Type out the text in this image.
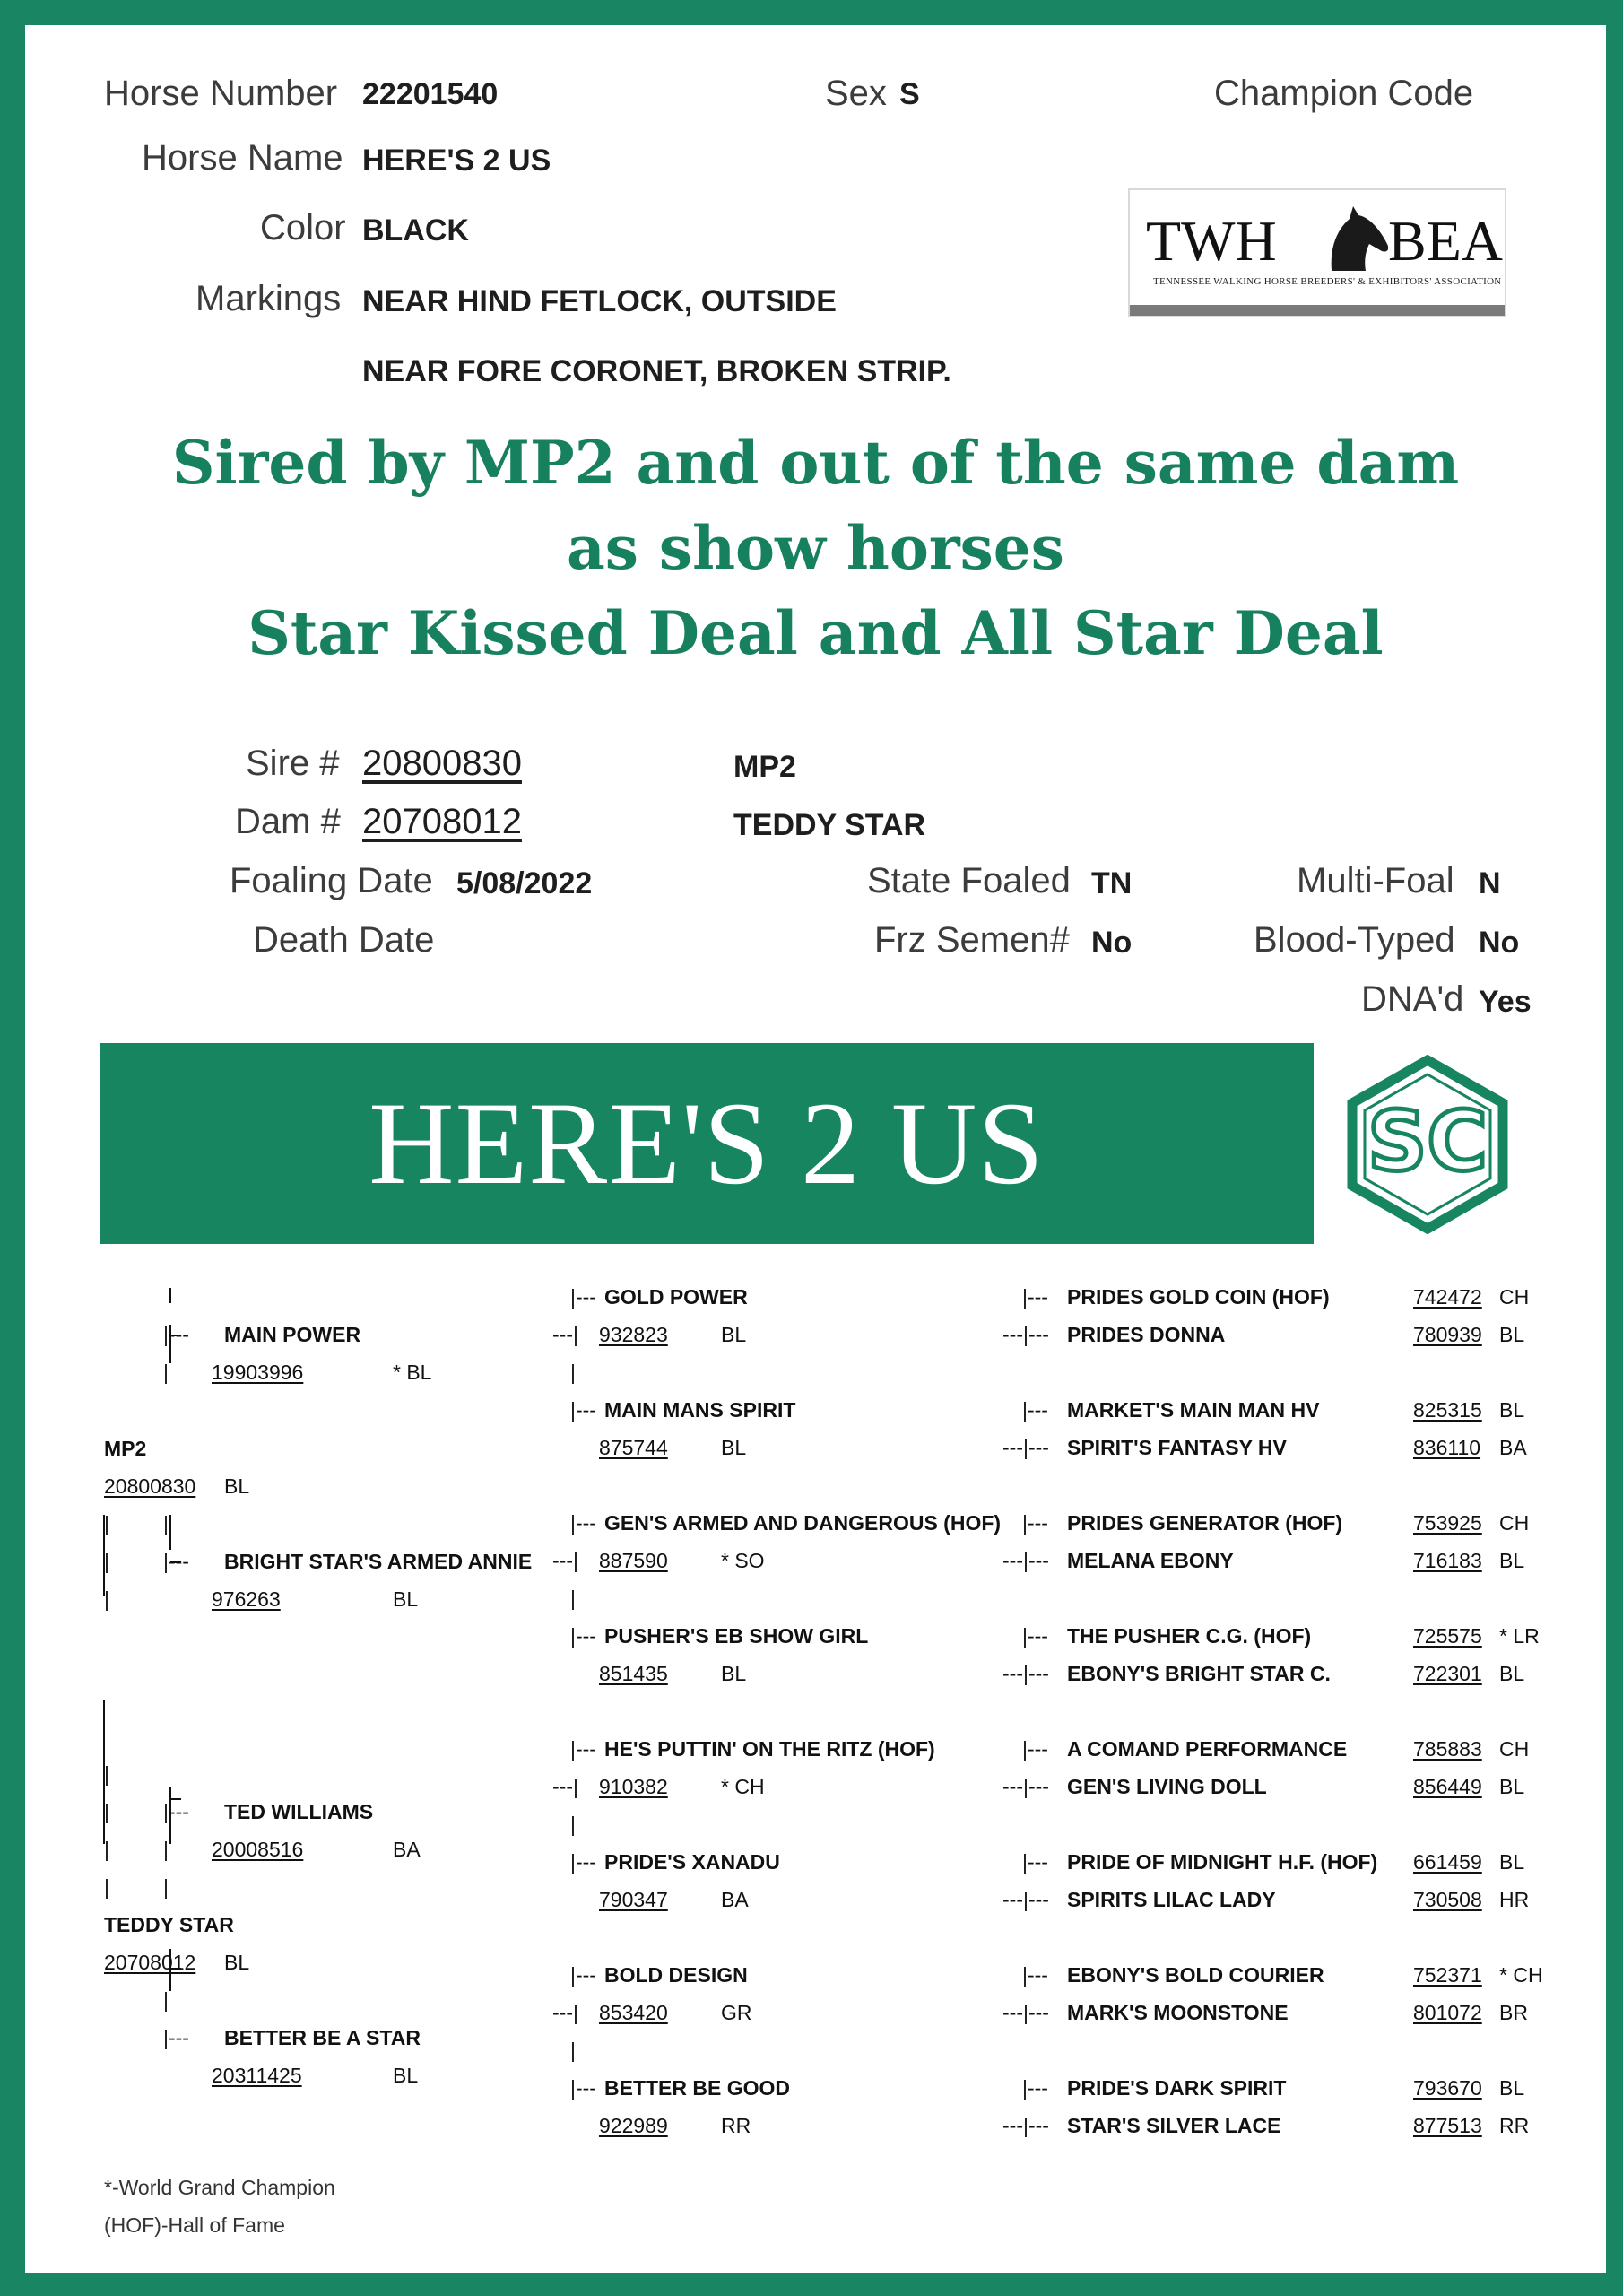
Horse Number 22201540	Sex S	Champion Code
Horse Name HERE'S 2 US
Color BLACK
Markings NEAR HIND FETLOCK, OUTSIDE
NEAR FORE CORONET, BROKEN STRIP.
TWH BEA
TENNESSEE WALKING HORSE BREEDERS' & EXHIBITORS' ASSOCIATION
Sired by MP2 and out of the same dam
as show horses
Star Kissed Deal and All Star Deal
Sire # 20800830	MP2
Dam # 20708012	TEDDY STAR
Foaling Date 5/08/2022	State Foaled TN	Multi-Foal N
Death Date	Frz Semen# No	Blood-Typed No
DNA'd Yes
HERE'S 2 US	SC
|--- MAIN POWER
| 19903996	* BL
MP2
20800830 BL
|	|
|	|--- BRIGHT STAR'S ARMED ANNIE
|	976263	BL
|
|	|--- TED WILLIAMS
|	| 20008516	BA
|	|
TEDDY STAR
20708012 BL
|
|--- BETTER BE A STAR
20311425	BL
|--- GOLD POWER
---| 932823	BL
|
|--- MAIN MANS SPIRIT
875744	BL
|--- GEN'S ARMED AND DANGEROUS (HOF)
---| 887590	* SO
|
|--- PUSHER'S EB SHOW GIRL
851435	BL
|--- HE'S PUTTIN' ON THE RITZ (HOF)
---| 910382	* CH
|
|--- PRIDE'S XANADU
790347	BA
|--- BOLD DESIGN
---| 853420	GR
|
|--- BETTER BE GOOD
922989	RR
|--- PRIDES GOLD COIN (HOF)	742472 CH
---|--- PRIDES DONNA	780939 BL
|--- MARKET'S MAIN MAN HV	825315 BL
---|--- SPIRIT'S FANTASY HV	836110 BA
|--- PRIDES GENERATOR (HOF)	753925 CH
---|--- MELANA EBONY	716183 BL
|--- THE PUSHER C.G. (HOF)	725575 * LR
---|--- EBONY'S BRIGHT STAR C.	722301 BL
|--- A COMAND PERFORMANCE	785883 CH
---|--- GEN'S LIVING DOLL	856449 BL
|--- PRIDE OF MIDNIGHT H.F. (HOF) 661459 BL
---|--- SPIRITS LILAC LADY	730508 HR
|--- EBONY'S BOLD COURIER	752371 * CH
---|--- MARK'S MOONSTONE	801072 BR
|--- PRIDE'S DARK SPIRIT	793670 BL
---|--- STAR'S SILVER LACE	877513 RR
*-World Grand Champion
(HOF)-Hall of Fame
